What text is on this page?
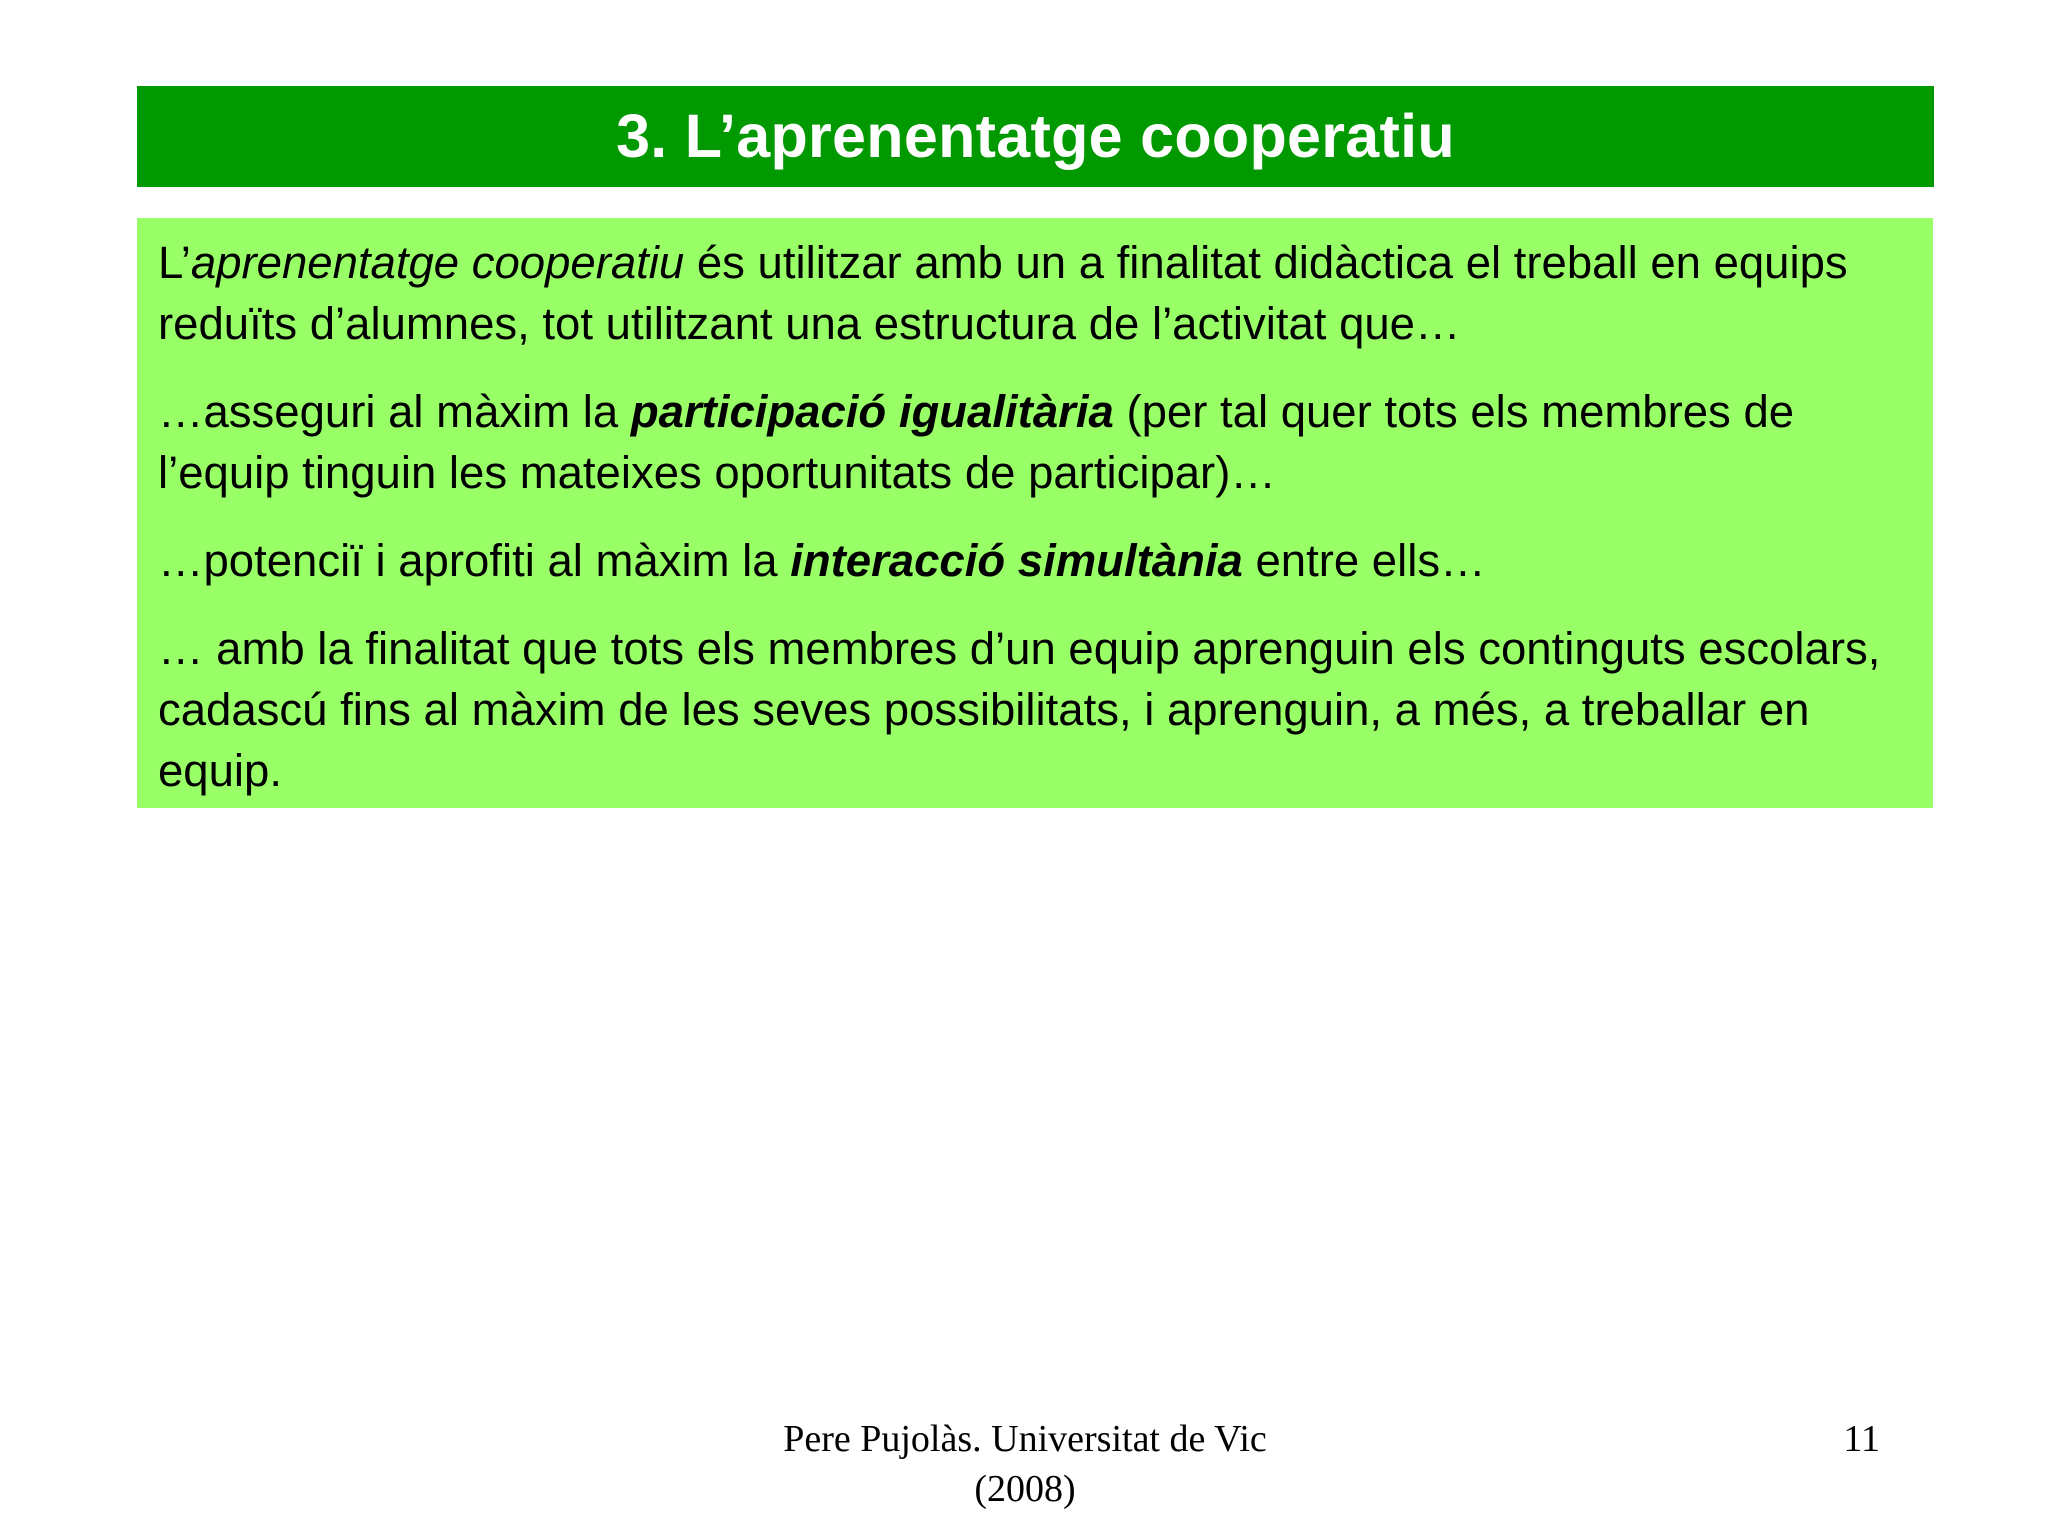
3. L’aprenentatge cooperatiu

L’aprenentatge cooperatiu és utilitzar amb un a finalitat didàctica el treball en equips reduïts d’alumnes, tot utilitzant una estructura de l’activitat que…

…asseguri al màxim la participació igualitària (per tal quer tots els membres de l’equip tinguin les mateixes oportunitats de participar)…

…potenciï i aprofiti al màxim la interacció simultània entre ells…

… amb la finalitat que tots els membres d’un equip aprenguin els continguts escolars, cadascú fins al màxim de les seves possibilitats, i aprenguin, a més, a treballar en equip.

Pere Pujolàs. Universitat de Vic
(2008)
11
